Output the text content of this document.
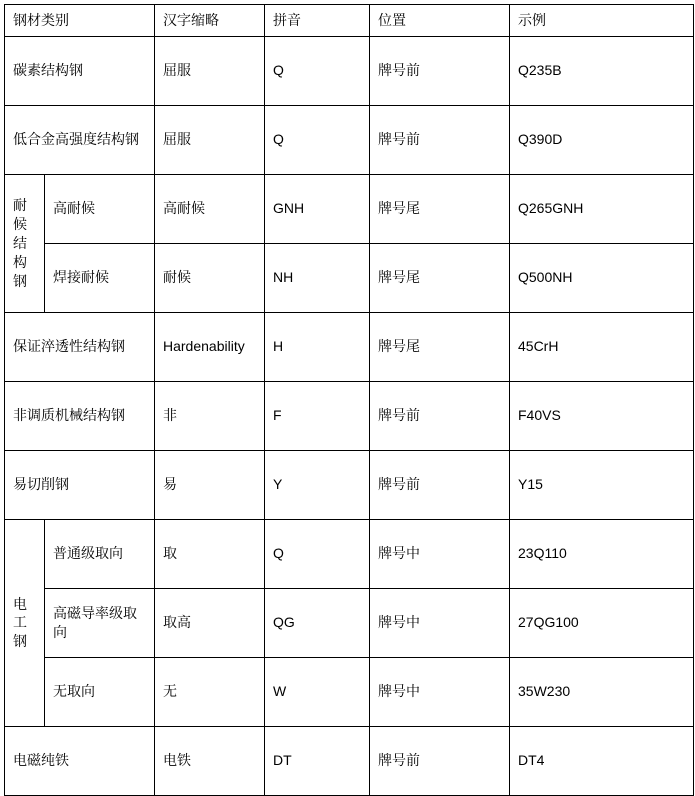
钢材类别		汉字缩略	拼音	位置	示例
碳素结构钢		屈服	Q	牌号前	Q235B
低合金高强度结构钢		屈服	Q	牌号前	Q390D
耐候结构钢	高耐候	高耐候	GNH	牌号尾	Q265GNH
	焊接耐候	耐候	NH	牌号尾	Q500NH
保证淬透性结构钢		Hardenability	H	牌号尾	45CrH
非调质机械结构钢		非	F	牌号前	F40VS
易切削钢		易	Y	牌号前	Y15
电工钢	普通级取向	取	Q	牌号中	23Q110
	高磁导率级取向	取高	QG	牌号中	27QG100
	无取向	无	W	牌号中	35W230
电磁纯铁		电铁	DT	牌号前	DT4
